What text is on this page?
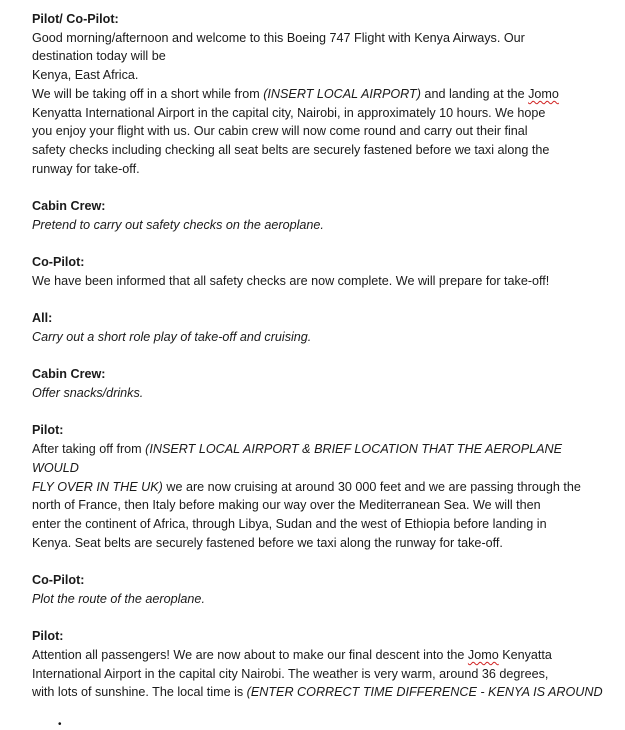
Pilot/ Co-Pilot:
Good morning/afternoon and welcome to this Boeing 747 Flight with Kenya Airways. Our
destination today will be
Kenya, East Africa.
We will be taking off in a short while from (INSERT LOCAL AIRPORT) and landing at the Jomo
Kenyatta International Airport in the capital city, Nairobi, in approximately 10 hours. We hope
you enjoy your flight with us. Our cabin crew will now come round and carry out their final
safety checks including checking all seat belts are securely fastened before we taxi along the
runway for take-off.
Cabin Crew:
Pretend to carry out safety checks on the aeroplane.
Co-Pilot:
We have been informed that all safety checks are now complete. We will prepare for take-off!
All:
Carry out a short role play of take-off and cruising.
Cabin Crew:
Offer snacks/drinks.
Pilot:
After taking off from (INSERT LOCAL AIRPORT & BRIEF LOCATION THAT THE AEROPLANE WOULD
FLY OVER IN THE UK) we are now cruising at around 30 000 feet and we are passing through the
north of France, then Italy before making our way over the Mediterranean Sea. We will then
enter the continent of Africa, through Libya, Sudan and the west of Ethiopia before landing in
Kenya. Seat belts are securely fastened before we taxi along the runway for take-off.
Co-Pilot:
Plot the route of the aeroplane.
Pilot:
Attention all passengers! We are now about to make our final descent into the Jomo Kenyatta
International Airport in the capital city Nairobi. The weather is very warm, around 36 degrees,
with lots of sunshine. The local time is (ENTER CORRECT TIME DIFFERENCE - KENYA IS AROUND
•
